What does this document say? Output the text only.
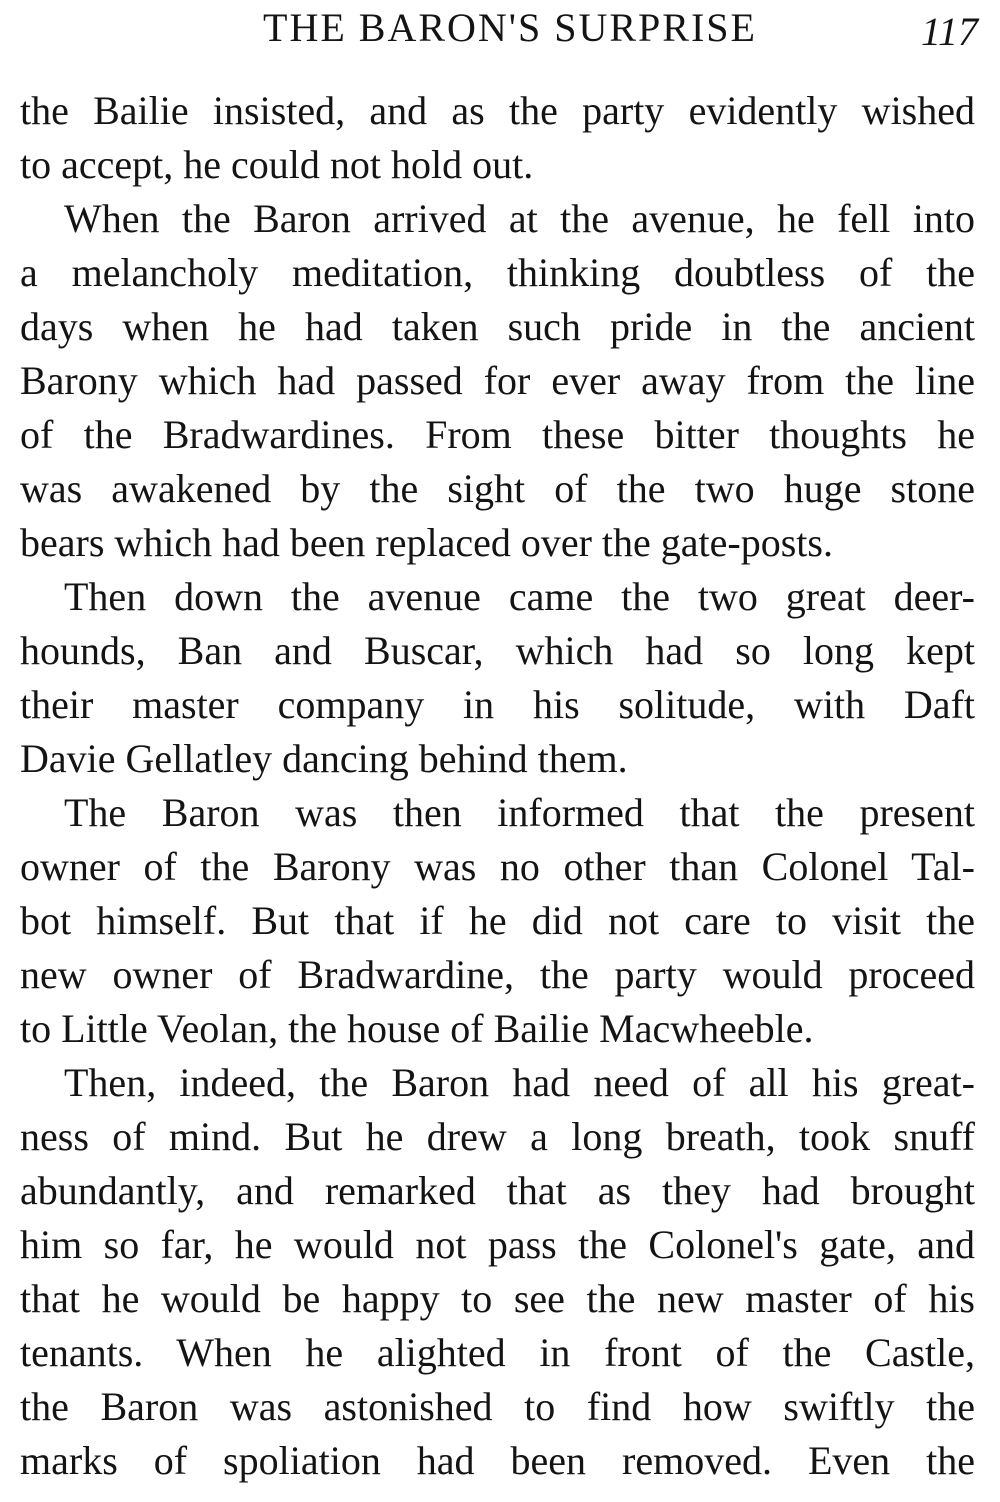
THE BARON'S SURPRISE	117
the Bailie insisted, and as the party evidently wished
to accept, he could not hold out.
When the Baron arrived at the avenue, he fell into
a melancholy meditation, thinking doubtless of the
days when he had taken such pride in the ancient
Barony which had passed for ever away from the line
of the Bradwardines. From these bitter thoughts he
was awakened by the sight of the two huge stone
bears which had been replaced over the gate-posts.
Then down the avenue came the two great deer-
hounds, Ban and Buscar, which had so long kept
their master company in his solitude, with Daft
Davie Gellatley dancing behind them.
The Baron was then informed that the present
owner of the Barony was no other than Colonel Tal-
bot himself. But that if he did not care to visit the
new owner of Bradwardine, the party would proceed
to Little Veolan, the house of Bailie Macwheeble.
Then, indeed, the Baron had need of all his great-
ness of mind. But he drew a long breath, took snuff
abundantly, and remarked that as they had brought
him so far, he would not pass the Colonel's gate, and
that he would be happy to see the new master of his
tenants. When he alighted in front of the Castle,
the Baron was astonished to find how swiftly the
marks of spoliation had been removed. Even the
